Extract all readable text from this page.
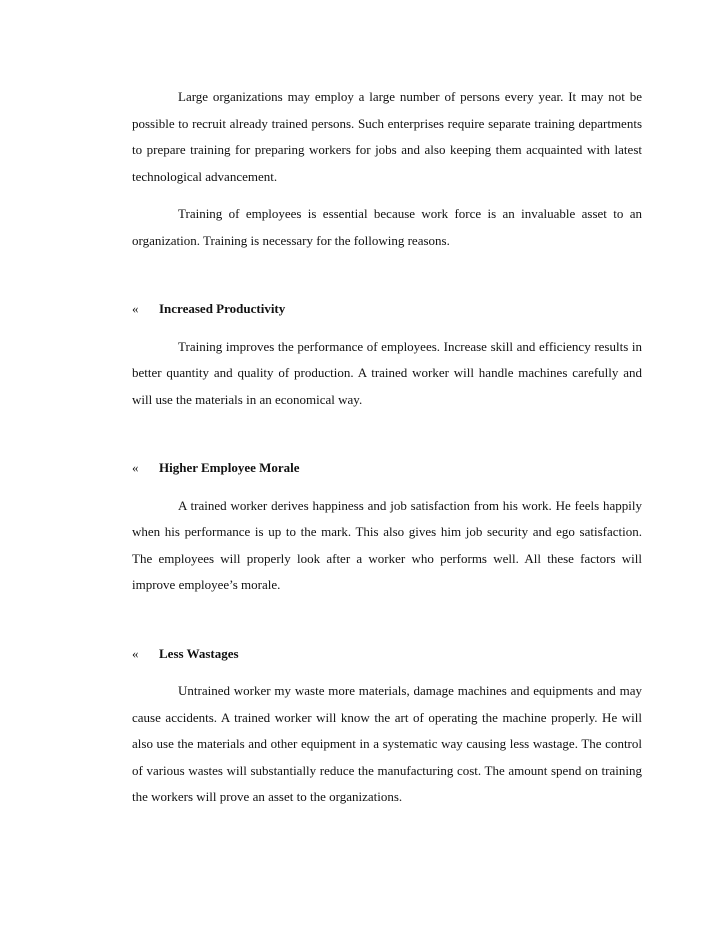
Large organizations may employ a large number of persons every year. It may not be possible to recruit already trained persons. Such enterprises require separate training departments to prepare training for preparing workers for jobs and also keeping them acquainted with latest technological advancement.

Training of employees is essential because work force is an invaluable asset to an organization. Training is necessary for the following reasons.

«	Increased Productivity

Training improves the performance of employees. Increase skill and efficiency results in better quantity and quality of production. A trained worker will handle machines carefully and will use the materials in an economical way.

«	Higher Employee Morale

A trained worker derives happiness and job satisfaction from his work. He feels happily when his performance is up to the mark. This also gives him job security and ego satisfaction. The employees will properly look after a worker who performs well. All these factors will improve employee’s morale.

«	Less Wastages

Untrained worker my waste more materials, damage machines and equipments and may cause accidents. A trained worker will know the art of operating the machine properly. He will also use the materials and other equipment in a systematic way causing less wastage. The control of various wastes will substantially reduce the manufacturing cost. The amount spend on training the workers will prove an asset to the organizations.
